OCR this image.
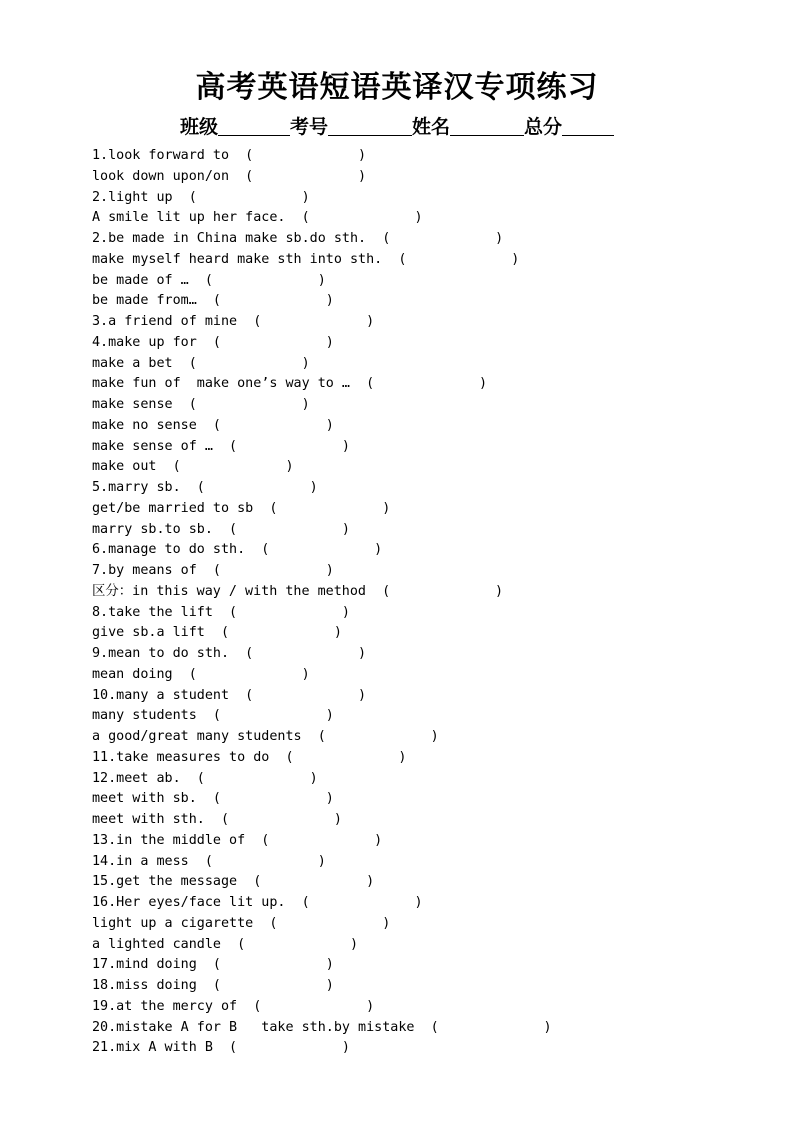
高考英语短语英译汉专项练习
班级	考号	姓名	总分
1.look forward to  (             )
look down upon/on  (             )
2.light up  (             )
A smile lit up her face.  (             )
2.be made in China make sb.do sth.  (             )
make myself heard make sth into sth.  (             )
be made of …  (             )
be made from…  (             )
3.a friend of mine  (             )
4.make up for  (             )
make a bet  (             )
make fun of  make one’s way to …  (             )
make sense  (             )
make no sense  (             )
make sense of …  (             )
make out  (             )
5.marry sb.  (             )
get/be married to sb  (             )
marry sb.to sb.  (             )
6.manage to do sth.  (             )
7.by means of  (             )
区分：in this way / with the method  (             )
8.take the lift  (             )
give sb.a lift  (             )
9.mean to do sth.  (             )
mean doing  (             )
10.many a student  (             )
many students  (             )
a good/great many students  (             )
11.take measures to do  (             )
12.meet ab.  (             )
meet with sb.  (             )
meet with sth.  (             )
13.in the middle of  (             )
14.in a mess  (             )
15.get the message  (             )
16.Her eyes/face lit up.  (             )
light up a cigarette  (             )
a lighted candle  (             )
17.mind doing  (             )
18.miss doing  (             )
19.at the mercy of  (             )
20.mistake A for B   take sth.by mistake  (             )
21.mix A with B  (             )
